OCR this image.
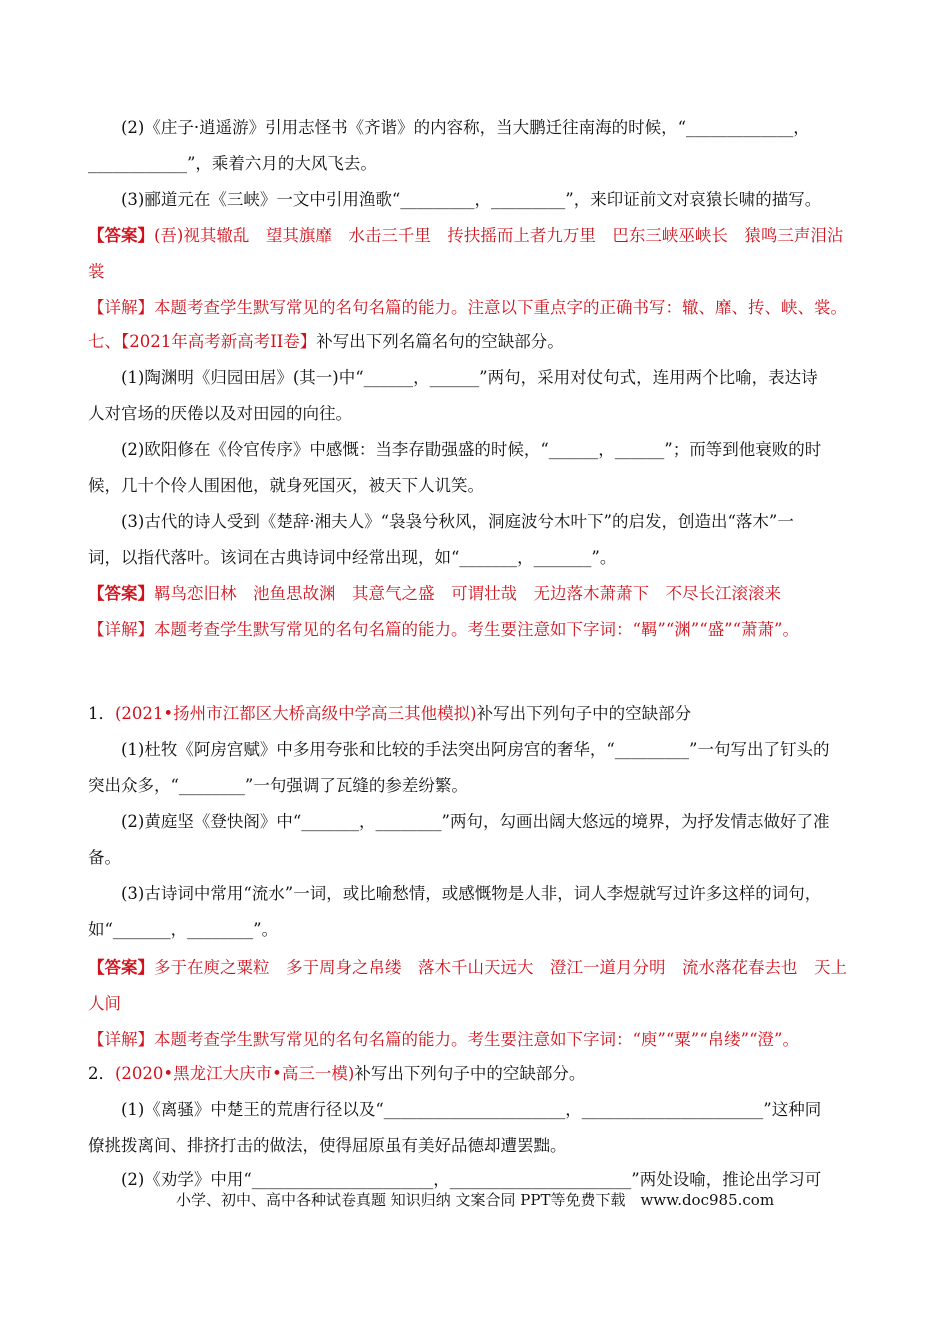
(2)《庄子·逍遥游》引用志怪书《齐谐》的内容称，当大鹏迁往南海的时候，“_____________，
____________”，乘着六月的大风飞去。
(3)郦道元在《三峡》一文中引用渔歌“_________，_________”，来印证前文对哀猿长啸的描写。
【答案】(吾)视其辙乱　望其旗靡　水击三千里　抟扶摇而上者九万里　巴东三峡巫峡长　猿鸣三声泪沾
裳
【详解】本题考查学生默写常见的名句名篇的能力。注意以下重点字的正确书写：辙、靡、抟、峡、裳。
七、【2021年高考新高考II卷】补写出下列名篇名句的空缺部分。
(1)陶渊明《归园田居》(其一)中“______，______”两句，采用对仗句式，连用两个比喻，表达诗
人对官场的厌倦以及对田园的向往。
(2)欧阳修在《伶官传序》中感慨：当李存勖强盛的时候，“______，______”；而等到他衰败的时
候，几十个伶人围困他，就身死国灭，被天下人讥笑。
(3)古代的诗人受到《楚辞·湘夫人》“袅袅兮秋风，洞庭波兮木叶下”的启发，创造出“落木”一
词，以指代落叶。该词在古典诗词中经常出现，如“_______，_______”。
【答案】羁鸟恋旧林　池鱼思故渊　其意气之盛　可谓壮哉　无边落木萧萧下　不尽长江滚滚来
【详解】本题考查学生默写常见的名句名篇的能力。考生要注意如下字词：“羁”“渊”“盛”“萧萧”。
1．(2021•扬州市江都区大桥高级中学高三其他模拟)补写出下列句子中的空缺部分
(1)杜牧《阿房宫赋》中多用夸张和比较的手法突出阿房宫的奢华，“_________”一句写出了钉头的
突出众多，“________”一句强调了瓦缝的参差纷繁。
(2)黄庭坚《登快阁》中“_______，________”两句，勾画出阔大悠远的境界，为抒发情志做好了准
备。
(3)古诗词中常用“流水”一词，或比喻愁情，或感慨物是人非，词人李煜就写过许多这样的词句，
如“_______，________”。
【答案】多于在庾之粟粒　多于周身之帛缕　落木千山天远大　澄江一道月分明　流水落花春去也　天上
人间
【详解】本题考查学生默写常见的名句名篇的能力。考生要注意如下字词：“庾”“粟”“帛缕”“澄”。
2．(2020•黑龙江大庆市•高三一模)补写出下列句子中的空缺部分。
(1)《离骚》中楚王的荒唐行径以及“______________________，______________________”这种同
僚挑拨离间、排挤打击的做法，使得屈原虽有美好品德却遭罢黜。
(2)《劝学》中用“______________________，______________________”两处设喻，推论出学习可
小学、初中、高中各种试卷真题 知识归纳 文案合同 PPT等免费下载　www.doc985.com
